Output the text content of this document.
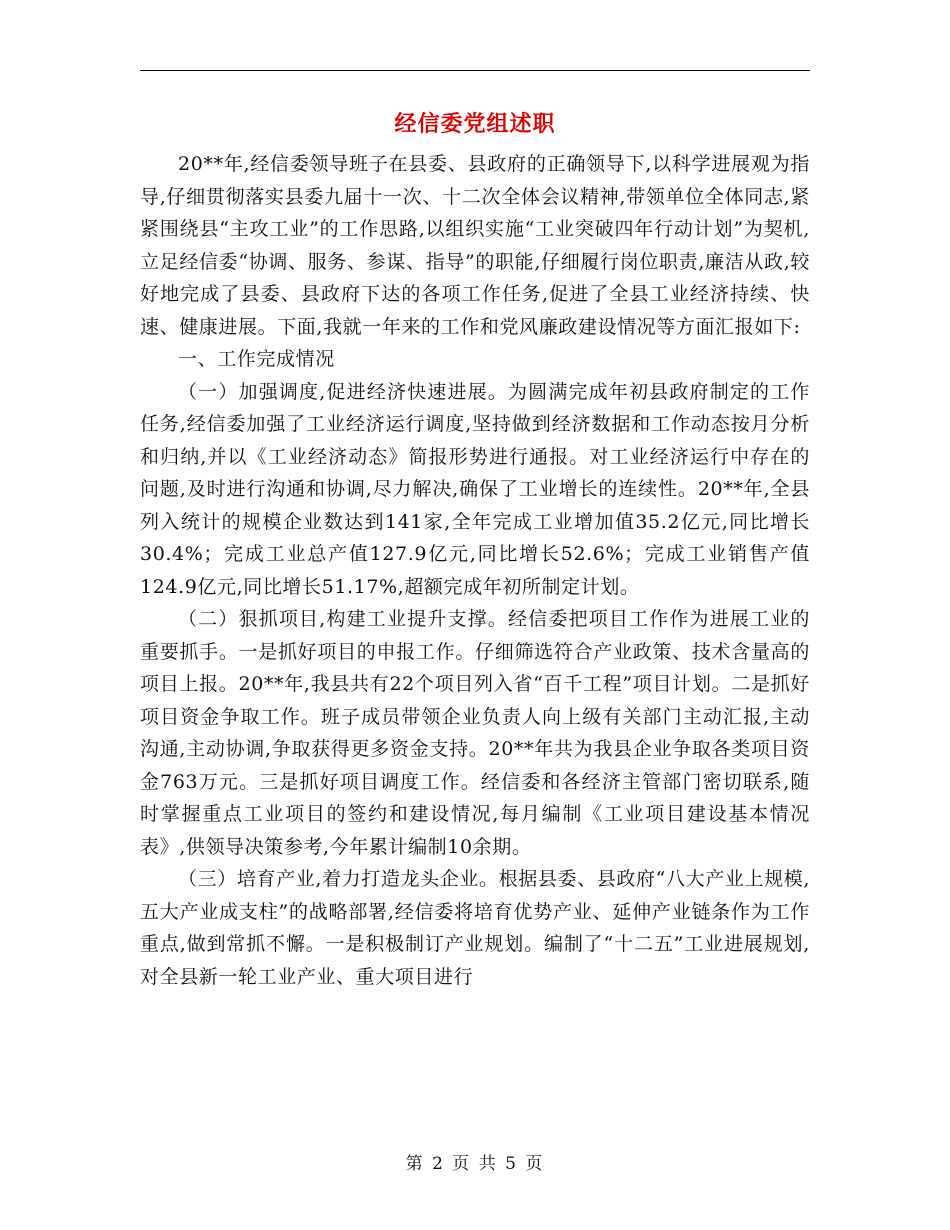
经信委党组述职

20**年,经信委领导班子在县委、县政府的正确领导下,以科学进展观为指导,仔细贯彻落实县委九届十一次、十二次全体会议精神,带领单位全体同志,紧紧围绕县“主攻工业”的工作思路,以组织实施“工业突破四年行动计划”为契机,立足经信委“协调、服务、参谋、指导”的职能,仔细履行岗位职责,廉洁从政,较好地完成了县委、县政府下达的各项工作任务,促进了全县工业经济持续、快速、健康进展。下面,我就一年来的工作和党风廉政建设情况等方面汇报如下:

一、工作完成情况

（一）加强调度,促进经济快速进展。为圆满完成年初县政府制定的工作任务,经信委加强了工业经济运行调度,坚持做到经济数据和工作动态按月分析和归纳,并以《工业经济动态》简报形势进行通报。对工业经济运行中存在的问题,及时进行沟通和协调,尽力解决,确保了工业增长的连续性。20**年,全县列入统计的规模企业数达到141家,全年完成工业增加值35.2亿元,同比增长30.4%；完成工业总产值127.9亿元,同比增长52.6%；完成工业销售产值124.9亿元,同比增长51.17%,超额完成年初所制定计划。

（二）狠抓项目,构建工业提升支撑。经信委把项目工作作为进展工业的重要抓手。一是抓好项目的申报工作。仔细筛选符合产业政策、技术含量高的项目上报。20**年,我县共有22个项目列入省“百千工程”项目计划。二是抓好项目资金争取工作。班子成员带领企业负责人向上级有关部门主动汇报,主动沟通,主动协调,争取获得更多资金支持。20**年共为我县企业争取各类项目资金763万元。三是抓好项目调度工作。经信委和各经济主管部门密切联系,随时掌握重点工业项目的签约和建设情况,每月编制《工业项目建设基本情况表》,供领导决策参考,今年累计编制10余期。

（三）培育产业,着力打造龙头企业。根据县委、县政府“八大产业上规模,五大产业成支柱”的战略部署,经信委将培育优势产业、延伸产业链条作为工作重点,做到常抓不懈。一是积极制订产业规划。编制了“十二五”工业进展规划,对全县新一轮工业产业、重大项目进行

第 2 页 共 5 页
